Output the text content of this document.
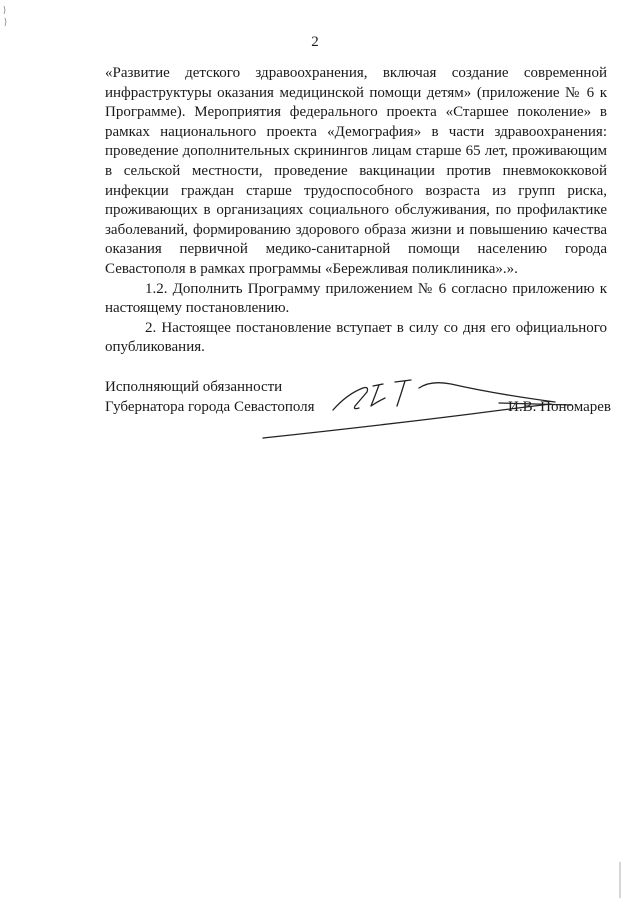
2

«Развитие детского здравоохранения, включая создание современной инфраструктуры оказания медицинской помощи детям» (приложение № 6 к Программе). Мероприятия федерального проекта «Старшее поколение» в рамках национального проекта «Демография» в части здравоохранения: проведение дополнительных скринингов лицам старше 65 лет, проживающим в сельской местности, проведение вакцинации против пневмококковой инфекции граждан старше трудоспособного возраста из групп риска, проживающих в организациях социального обслуживания, по профилактике заболеваний, формированию здорового образа жизни и повышению качества оказания первичной медико-санитарной помощи населению города Севастополя в рамках программы «Бережливая поликлиника».».

1.2. Дополнить Программу приложением № 6 согласно приложению к настоящему постановлению.

2. Настоящее постановление вступает в силу со дня его официального опубликования.

Исполняющий обязанности
Губернатора города Севастополя	И.В. Пономарев
